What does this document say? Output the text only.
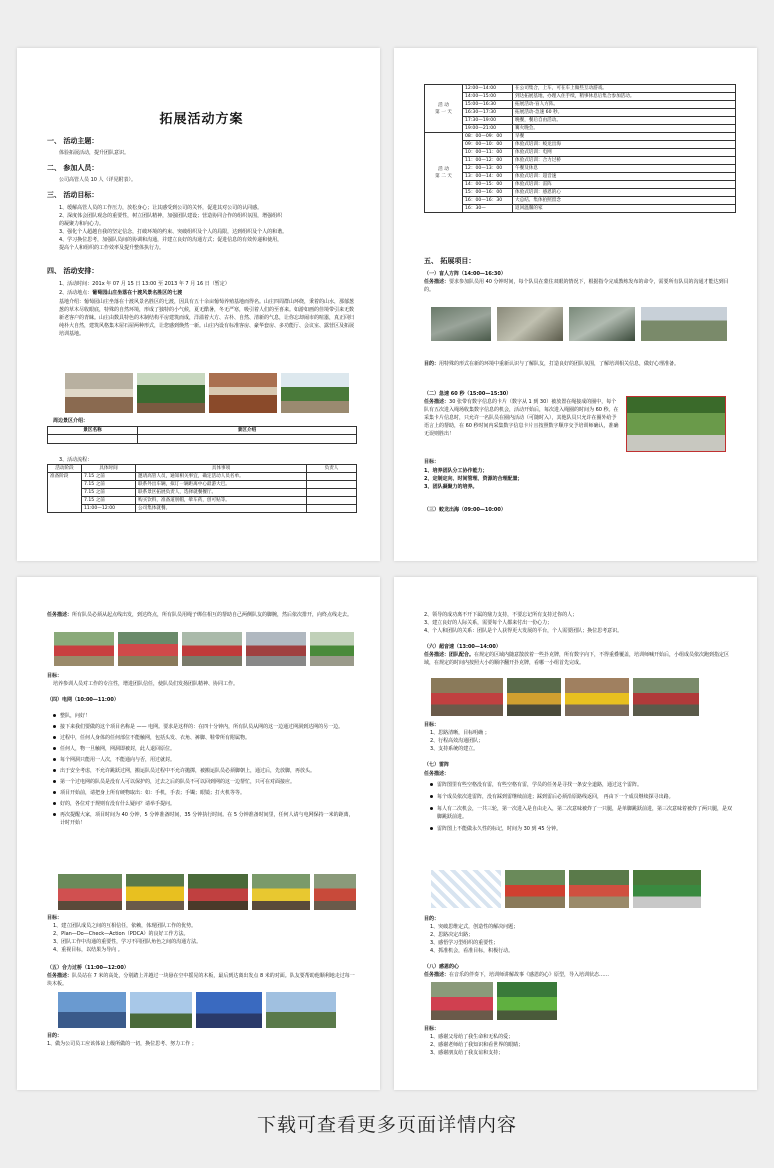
拓展活动方案
一、 活动主题：
体验拓展活动，提升团队意识。
二、 参加人员：
公司高管人员 10 人（详见附表）。
三、 活动目标：
1、缓解高管人员的工作压力，放松身心；让其感受到公司的关怀，促进其对公司的认同感。
2、深度体会团队观念的重要性，树立团队精神，加强团队建设；营造协同合作的组织氛围，增强组织
的凝聚力和向心力。
3、强化个人超越自我的坚定信念，打破环境的约束、突破组织及个人的局限，达到组织及个人的和谐。
4、学习换位思考，加强队员间的协调和沟通，并建立良好的沟通方式；促进信息的有效传递和使用，
提高个人和组织的工作效率及提升整体执行力。
四、 活动安排：
1、活动时间：201x 年 07 月 15 日 13:00 至 2013 年 7 月 16 日（暂定）
2、活动地点：葡萄园山庄坐落在十渡风景名胜区的七渡
基地介绍：葡萄园山庄坐落在十渡风景名胜区的七渡，因具有五十余亩葡萄养殖基地而得名。山庄四周群山环绕，秉着的山水，那郁葱葱的草木尽收眼底，特殊的自然环境，形成了独特的小气候，夏无酷暑，冬无严寒，吸引着人们的至喜来。如游如画的佳境带引来无数新老客户的青睐。山庄由数具特色的木制结构平房建筑而成，洋溢着大方、古朴、自然、清新的气息，让你忘却闹市的喧嚣，真正回归纯朴大自然，建筑风格集木屋石屋两种形式，让您感到焕然一新。山庄内设有标准客房、豪华套房、多功能厅、会议室、露营区及拓展培训基地。
周边景区介绍：
景区名称	景区介绍

3、活动流程：
活动阶段	具体时间	具体事项	负责人
准备阶段	7.15 之前	邀请高管人员，通知相关事宜，确定活动人员名单。	
	7.15 之前	联系外出车辆，拟订一辆距离中心最游大巴。	
	7.15 之前	联系景区拓展负责人，选择就餐餐厅。	
	7.15 之前	购买饮料，准备道别帽，晕车药，创可贴等。	
	11:00—12:00	公司集体就餐。	
活 动
第 一 天	12:00—14:00	在公司集合，上车，可在车上做些互动游戏。
	14:00—15:00	到达拓展基地，办理入住手续，稍事休息后集合参加活动。
	15:00—16:30	拓展活动-盲人方阵。
	16:30—17:30	拓展活动-急速 60 秒。
	17:30—19:00	晚餐，餐后自由活动。
	19:00—21:00	篝火晚会。
活 动
第 二 天	08：00—09：00	早餐
	09：00—10：00	体验式培训：蛟龙出海
	10：00—11：00	体验式培训：电网
	11：00—12：00	体验式培训：合力过桥
	12：00—13：00	午餐及休息
	13：00—14：00	体验式培训：超音速
	14：00—15：00	体验式培训：雷阵
	15：00—16：00	体验式培训：感恩的心
	16：00—16：30	大总结、集体拍照留念
	16：30—	返回温馨的家
五、 拓展项目：
（一）盲人方阵（14:00—16:30）
任务描述：要求参加队员用 40 分钟时间，每个队员在蒙住双眼的情况下，根据指令完成教练发布的命令，需要所有队员的沟通才能达到目的。
目的：用特殊的形式在新的环境中重新认识与了解队友，打造良好的团队氛围，了解培训相关信息，做好心理准备。
（二）急速 60 秒（15:00—15:30）
任务描述：30 张带有数字信息的卡片（数字从 1 到 30）被放置在绳接成的圈中，每个队有五次进入绳场收集数字信息的机会，活动开始后，每次进入绳圈的时间为 60 秒。在采集卡片信息时，只允许一名队员在圈内活动（可随时入），其他队员只允许在圈外给予语言上的帮助，在 60 秒时间内采集数字信息卡片且按照数字顺序交予培训师确认，准确无误则胜出！
目标：
1、培养团队分工协作能力；
2、定制定向、时间管理、资源的合理配置；
3、团队凝聚力的培养。
（三）蛟龙出海（09:00—10:00）
任务描述：所有队员必须从起点线出发，到达终点，所有队员用绳子绑住相互的帮助自己两侧队友的脚腕，然后依次排开，向终点线走去。
目标：
培养参训人员对工作的专注性，增进团队信任，使队员们发扬团队精神、协同工作。
（四）电网（10:00—11:00）
整队，问好！
接下来我们要做的这个项目名称是 —— 电网。要求是这样的：在四十分钟内，所有队员从网的这一边通过网洞到达网的另一边。
过程中，任何人身体的任何部位不能触网，包括头发、衣角、裤脚、鞋带所有附属物。
任何人，物一旦触网，网洞即被封，此人退回原位。
每个网洞只能用一人次，不能通向与否，用过就封。
出于安全考虑，不允许跳跃过网，搬运队员过程中不允许抛掷，被搬运队员必须脚朝上，通过后，先放脚，再放头。
第一个过电网的队员是没有人可以保护的，过去之后的队员不可以回到网的这一边帮忙，只可在对面接应。
项目开始前，请把身上所有硬物取出：如：手机，手表；手镯；眼镜；打火机等等。
好的，各位对于规则有没有什么疑问？请举手提问。
再次提醒大家，项目时间为 40 分钟，5 分钟准备时间，35 分钟执行时间。在 5 分钟准备时间里，任何人请与电网保持一米的距离，计时开始！
目标：
1、建立团队成员之间的互相信任，依赖，体现团队工作的优势。
2、Plan—Do—Check—Action（PDCA）的良好工作方法。
3、团队工作中沟通的重要性，学习不同团队角色之间的沟通方法。
4、重视目标，以结果为导向 。
（五）合力过桥（11:00—12:00）
任务描述：队员站在 7 米的高处，分别踏上并越过一块悬在空中摇晃的木板，最后到达离出发点 8 米的对面。队友要帮助他顺利地走过每一块木板。
目的：
1、做为公司员工应该体谅上级所做的一切，换位思考、努力工作 ；
2、领导的成功离不开下属的鼎力支持，不要忘记所有支持过你的人；
3、建立良好的人际关系，需要每个人都来付出一份心力；
4、个人和团队的关系：团队是个人获得更大发展的平台，个人需要团队；换位思考意识。
（六）超音速（13:00—14:00）
任务描述：团队配合。在规定的区域内随意散放着一些扑克牌，所有数字向下，不得重叠覆盖，培训师喊开始后，小组成员依次跑到指定区域，在规定的时间内按照大小的顺序翻开扑克牌，看哪一小组首先完成。
目标：
1、思路清晰，目标明确 ；
2、行程高效沟通团队；
3、支持系统的建立。
（七）雷阵
任务描述：
雷阵图里有些空格没有雷，有些空格有雷，学员的任务是寻找一条安全道路，通过这个雷阵。
每个成员依次进雷阵，没有踩到雷继续前进；踩到雷后必须沿原路线返回， 再由下一个成员继续探寻出路。
每人有二次机会，一共三轮，第一次进入是自由走入，第二次意味被炸了一只腿，是单脚跳跃前进，第三次意味着被炸了两只腿，是双脚跳跃前进。
雷阵图上不能做永久性的标记，时间为 30 到 45 分钟。
目的：
1、突破思维定式，创造性的解决问题；
2、思路决定出路；
3、感悟学习型组织的重要性；
4、抓准机会，看准目标，积极行动。
（八）感恩的心
任务描述：在音乐的伴奏下，培训师讲解故事《感恩的心》原型，导入培训状态……
目标：
1、感谢父母给了我生命和无私的爱；
2、感谢老师给了我知识和看世界的眼睛；
3、感谢朋友给了我友谊和支持；
下载可查看更多页面详情内容
